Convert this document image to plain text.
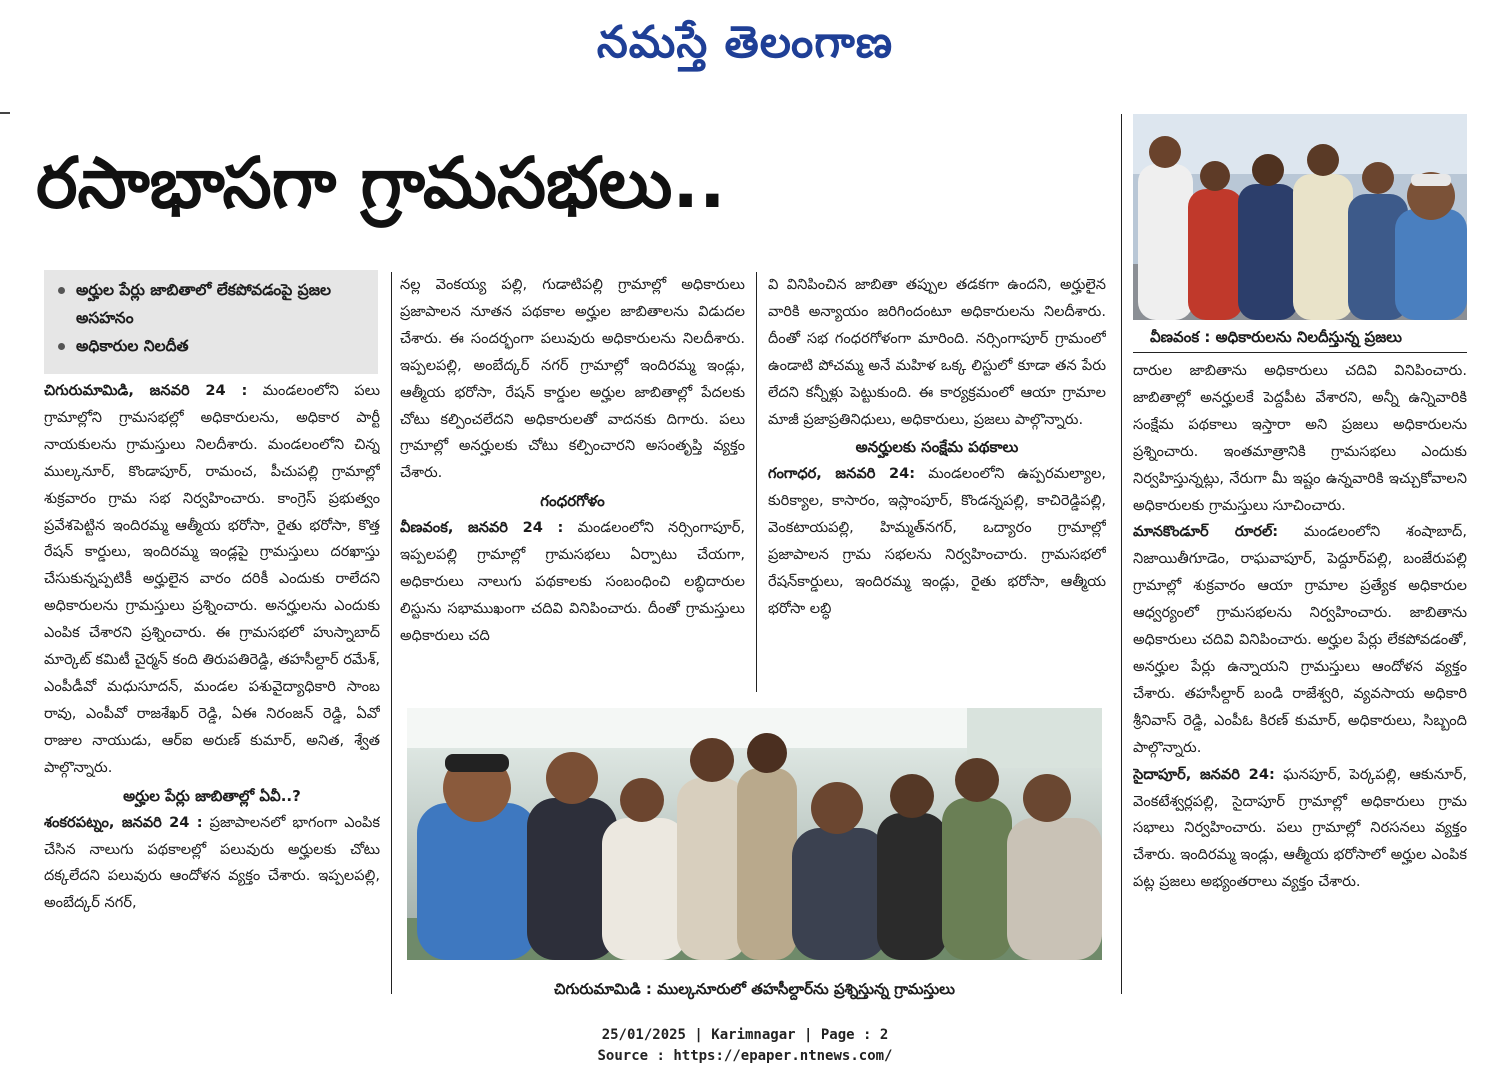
నమస్తే తెలంగాణ
రసాభాసగా గ్రామసభలు..
అర్హుల పేర్లు జాబితాలో లేకపోవడంపై ప్రజల అసహనం
అధికారుల నిలదీత

చిగురుమామిడి, జనవరి 24 : మండలంలోని పలు గ్రామాల్లోని గ్రామసభల్లో అధికారులను, అధికార పార్టీ నాయకులను గ్రామస్తులు నిలదీశారు. మండలంలోని చిన్న ముల్కనూర్, కొండాపూర్, రామంచ, పీచుపల్లి గ్రామాల్లో శుక్రవారం గ్రామ సభ నిర్వహించారు. కాంగ్రెస్ ప్రభుత్వం ప్రవేశపెట్టిన ఇందిరమ్మ ఆత్మీయ భరోసా, రైతు భరోసా, కొత్త రేషన్ కార్డులు, ఇందిరమ్మ ఇండ్లపై గ్రామస్తులు దరఖాస్తు చేసుకున్నప్పటికీ అర్హులైన వారం దరికీ ఎందుకు రాలేదని అధికారులను గ్రామస్తులు ప్రశ్నించారు. అనర్హులను ఎందుకు ఎంపిక చేశారని ప్రశ్నించారు. ఈ గ్రామసభలో హుస్నాబాద్ మార్కెట్ కమిటీ చైర్మన్ కంది తిరుపతిరెడ్డి, తహసీల్దార్ రమేశ్, ఎంపీడీవో మధుసూదన్, మండల పశువైద్యాధికారి సాంబ రావు, ఎంపీవో రాజశేఖర్ రెడ్డి, ఏఈ నిరంజన్ రెడ్డి, ఏవో రాజుల నాయుడు, ఆర్ఐ అరుణ్ కుమార్, అనిత, శ్వేత పాల్గొన్నారు.

అర్హుల పేర్లు జాబితాల్లో ఏవీ..?

శంకరపట్నం, జనవరి 24 : ప్రజాపాలనలో భాగంగా ఎంపిక చేసిన నాలుగు పథకాలల్లో పలువురు అర్హులకు చోటు దక్కలేదని పలువురు ఆందోళన వ్యక్తం చేశారు. ఇప్పలపల్లి, అంబేద్కర్ నగర్,

నల్ల వెంకయ్య పల్లి, గుడాటిపల్లి గ్రామాల్లో అధికారులు ప్రజాపాలన నూతన పథకాల అర్హుల జాబితాలను విడుదల చేశారు. ఈ సందర్భంగా పలువురు అధికారులను నిలదీశారు. ఇప్పలపల్లి, అంబేద్కర్ నగర్ గ్రామాల్లో ఇందిరమ్మ ఇండ్లు, ఆత్మీయ భరోసా, రేషన్ కార్డుల అర్హుల జాబితాల్లో పేదలకు చోటు కల్పించలేదని అధికారులతో వాదనకు దిగారు. పలు గ్రామాల్లో అనర్హులకు చోటు కల్పించారని అసంతృప్తి వ్యక్తం చేశారు.

గంధరగోళం

వీణవంక, జనవరి 24 : మండలంలోని నర్సింగాపూర్, ఇప్పలపల్లి గ్రామాల్లో గ్రామసభలు ఏర్పాటు చేయగా, అధికారులు నాలుగు పథకాలకు సంబంధించి లబ్ధిదారుల లిస్టును సభాముఖంగా చదివి వినిపించారు. దీంతో గ్రామస్తులు అధికారులు చది

వి వినిపించిన జాబితా తప్పుల తడకగా ఉందని, అర్హులైన వారికి అన్యాయం జరిగిందంటూ అధికారులను నిలదీశారు. దీంతో సభ గంధరగోళంగా మారింది. నర్సింగాపూర్ గ్రామంలో ఉండాటి పోచమ్మ అనే మహిళ ఒక్క లిస్టులో కూడా తన పేరు లేదని కన్నీళ్లు పెట్టుకుంది. ఈ కార్యక్రమంలో ఆయా గ్రామాల మాజీ ప్రజాప్రతినిధులు, అధికారులు, ప్రజలు పాల్గొన్నారు.

అనర్హులకు సంక్షేమ పథకాలు

గంగాధర, జనవరి 24: మండలంలోని ఉప్పరమల్యాల, కురిక్యాల, కాసారం, ఇస్లాంపూర్, కొండన్నపల్లి, కాచిరెడ్డిపల్లి, వెంకటాయపల్లి, హిమ్మత్‌నగర్, ఒద్యారం గ్రామాల్లో ప్రజాపాలన గ్రామ సభలను నిర్వహించారు. గ్రామసభలో రేషన్‌కార్డులు, ఇందిరమ్మ ఇండ్లు, రైతు భరోసా, ఆత్మీయ భరోసా లబ్ధి

చిగురుమామిడి : ముల్కనూరులో తహసీల్దార్‌ను ప్రశ్నిస్తున్న గ్రామస్తులు
వీణవంక : అధికారులను నిలదీస్తున్న ప్రజలు

దారుల జాబితాను అధికారులు చదివి వినిపించారు. జాబితాల్లో అనర్హులకే పెద్దపీట వేశారని, అన్నీ ఉన్నివారికి సంక్షేమ పథకాలు ఇస్తారా అని ప్రజలు అధికారులను ప్రశ్నించారు. ఇంతమాత్రానికి గ్రామసభలు ఎందుకు నిర్వహిస్తున్నట్లు, నేరుగా మీ ఇష్టం ఉన్నవారికి ఇచ్చుకోవాలని అధికారులకు గ్రామస్తులు సూచించారు.

మానకొండూర్ రూరల్: మండలంలోని శంషాబాద్, నిజాయితీగూడెం, రాఘవాపూర్, పెద్దూర్‌పల్లి, బంజేరుపల్లి గ్రామాల్లో శుక్రవారం ఆయా గ్రామాల ప్రత్యేక అధికారుల ఆధ్వర్యంలో గ్రామసభలను నిర్వహించారు. జాబితాను అధికారులు చదివి వినిపించారు. అర్హుల పేర్లు లేకపోవడంతో, అనర్హుల పేర్లు ఉన్నాయని గ్రామస్తులు ఆందోళన వ్యక్తం చేశారు. తహసీల్దార్ బండి రాజేశ్వరి, వ్యవసాయ అధికారి శ్రీనివాస్ రెడ్డి, ఎంపీఓ కిరణ్ కుమార్, అధికారులు, సిబ్బంది పాల్గొన్నారు.

సైదాపూర్, జనవరి 24: ఘనపూర్, పెర్కపల్లి, ఆకునూర్, వెంకటేశ్వర్లపల్లి, సైదాపూర్ గ్రామాల్లో అధికారులు గ్రామ సభాలు నిర్వహించారు. పలు గ్రామాల్లో నిరసనలు వ్యక్తం చేశారు. ఇందిరమ్మ ఇండ్లు, ఆత్మీయ భరోసాలో అర్హుల ఎంపిక పట్ల ప్రజలు అభ్యంతరాలు వ్యక్తం చేశారు.

25/01/2025 | Karimnagar | Page : 2
Source : https://epaper.ntnews.com/
